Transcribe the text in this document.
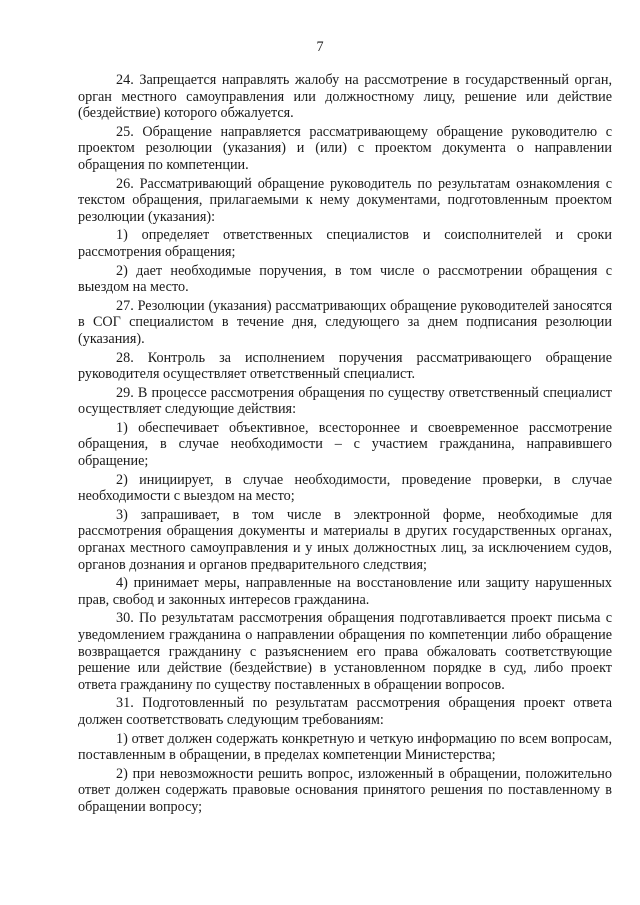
7

24. Запрещается направлять жалобу на рассмотрение в государственный орган, орган местного самоуправления или должностному лицу, решение или действие (бездействие) которого обжалуется.

25. Обращение направляется рассматривающему обращение руководителю с проектом резолюции (указания) и (или) с проектом документа о направлении обращения по компетенции.

26. Рассматривающий обращение руководитель по результатам ознакомления с текстом обращения, прилагаемыми к нему документами, подготовленным проектом резолюции (указания):

1) определяет ответственных специалистов и соисполнителей и сроки рассмотрения обращения;

2) дает необходимые поручения, в том числе о рассмотрении обращения с выездом на место.

27. Резолюции (указания) рассматривающих обращение руководителей заносятся в СОГ специалистом в течение дня, следующего за днем подписания резолюции (указания).

28. Контроль за исполнением поручения рассматривающего обращение руководителя осуществляет ответственный специалист.

29. В процессе рассмотрения обращения по существу ответственный специалист осуществляет следующие действия:

1) обеспечивает объективное, всестороннее и своевременное рассмотрение обращения, в случае необходимости – с участием гражданина, направившего обращение;

2) инициирует, в случае необходимости, проведение проверки, в случае необходимости с выездом на место;

3) запрашивает, в том числе в электронной форме, необходимые для рассмотрения обращения документы и материалы в других государственных органах, органах местного самоуправления и у иных должностных лиц, за исключением судов, органов дознания и органов предварительного следствия;

4) принимает меры, направленные на восстановление или защиту нарушенных прав, свобод и законных интересов гражданина.

30. По результатам рассмотрения обращения подготавливается проект письма с уведомлением гражданина о направлении обращения по компетенции либо обращение возвращается гражданину с разъяснением его права обжаловать соответствующие решение или действие (бездействие) в установленном порядке в суд, либо проект ответа гражданину по существу поставленных в обращении вопросов.

31. Подготовленный по результатам рассмотрения обращения проект ответа должен соответствовать следующим требованиям:

1) ответ должен содержать конкретную и четкую информацию по всем вопросам, поставленным в обращении, в пределах компетенции Министерства;

2) при невозможности решить вопрос, изложенный в обращении, положительно ответ должен содержать правовые основания принятого решения по поставленному в обращении вопросу;
